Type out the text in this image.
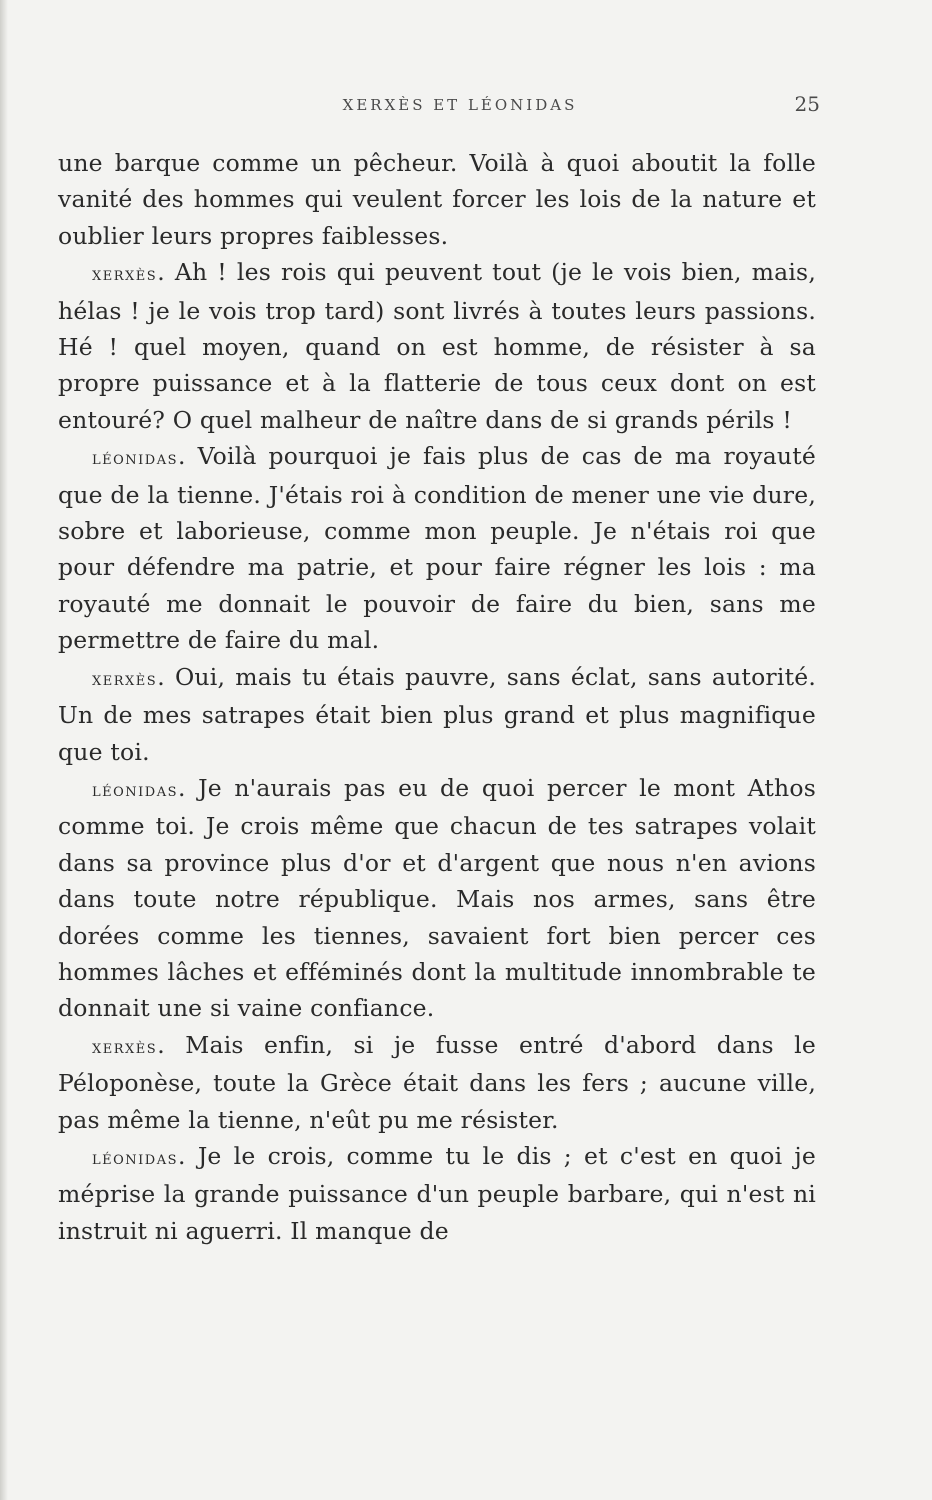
XERXÈS ET LÉONIDAS	25

une barque comme un pêcheur. Voilà à quoi aboutit la folle vanité des hommes qui veulent forcer les lois de la nature et oublier leurs propres faiblesses.

xerxès. Ah ! les rois qui peuvent tout (je le vois bien, mais, hélas ! je le vois trop tard) sont livrés à toutes leurs passions. Hé ! quel moyen, quand on est homme, de résister à sa propre puissance et à la flatterie de tous ceux dont on est entouré? O quel malheur de naître dans de si grands périls !

léonidas. Voilà pourquoi je fais plus de cas de ma royauté que de la tienne. J'étais roi à condition de mener une vie dure, sobre et laborieuse, comme mon peuple. Je n'étais roi que pour défendre ma patrie, et pour faire régner les lois : ma royauté me donnait le pouvoir de faire du bien, sans me permettre de faire du mal.

xerxès. Oui, mais tu étais pauvre, sans éclat, sans autorité. Un de mes satrapes était bien plus grand et plus magnifique que toi.

léonidas. Je n'aurais pas eu de quoi percer le mont Athos comme toi. Je crois même que chacun de tes satrapes volait dans sa province plus d'or et d'argent que nous n'en avions dans toute notre république. Mais nos armes, sans être dorées comme les tiennes, savaient fort bien percer ces hommes lâches et efféminés dont la multitude innombrable te donnait une si vaine confiance.

xerxès. Mais enfin, si je fusse entré d'abord dans le Péloponèse, toute la Grèce était dans les fers ; aucune ville, pas même la tienne, n'eût pu me résister.

léonidas. Je le crois, comme tu le dis ; et c'est en quoi je méprise la grande puissance d'un peuple barbare, qui n'est ni instruit ni aguerri. Il manque de
